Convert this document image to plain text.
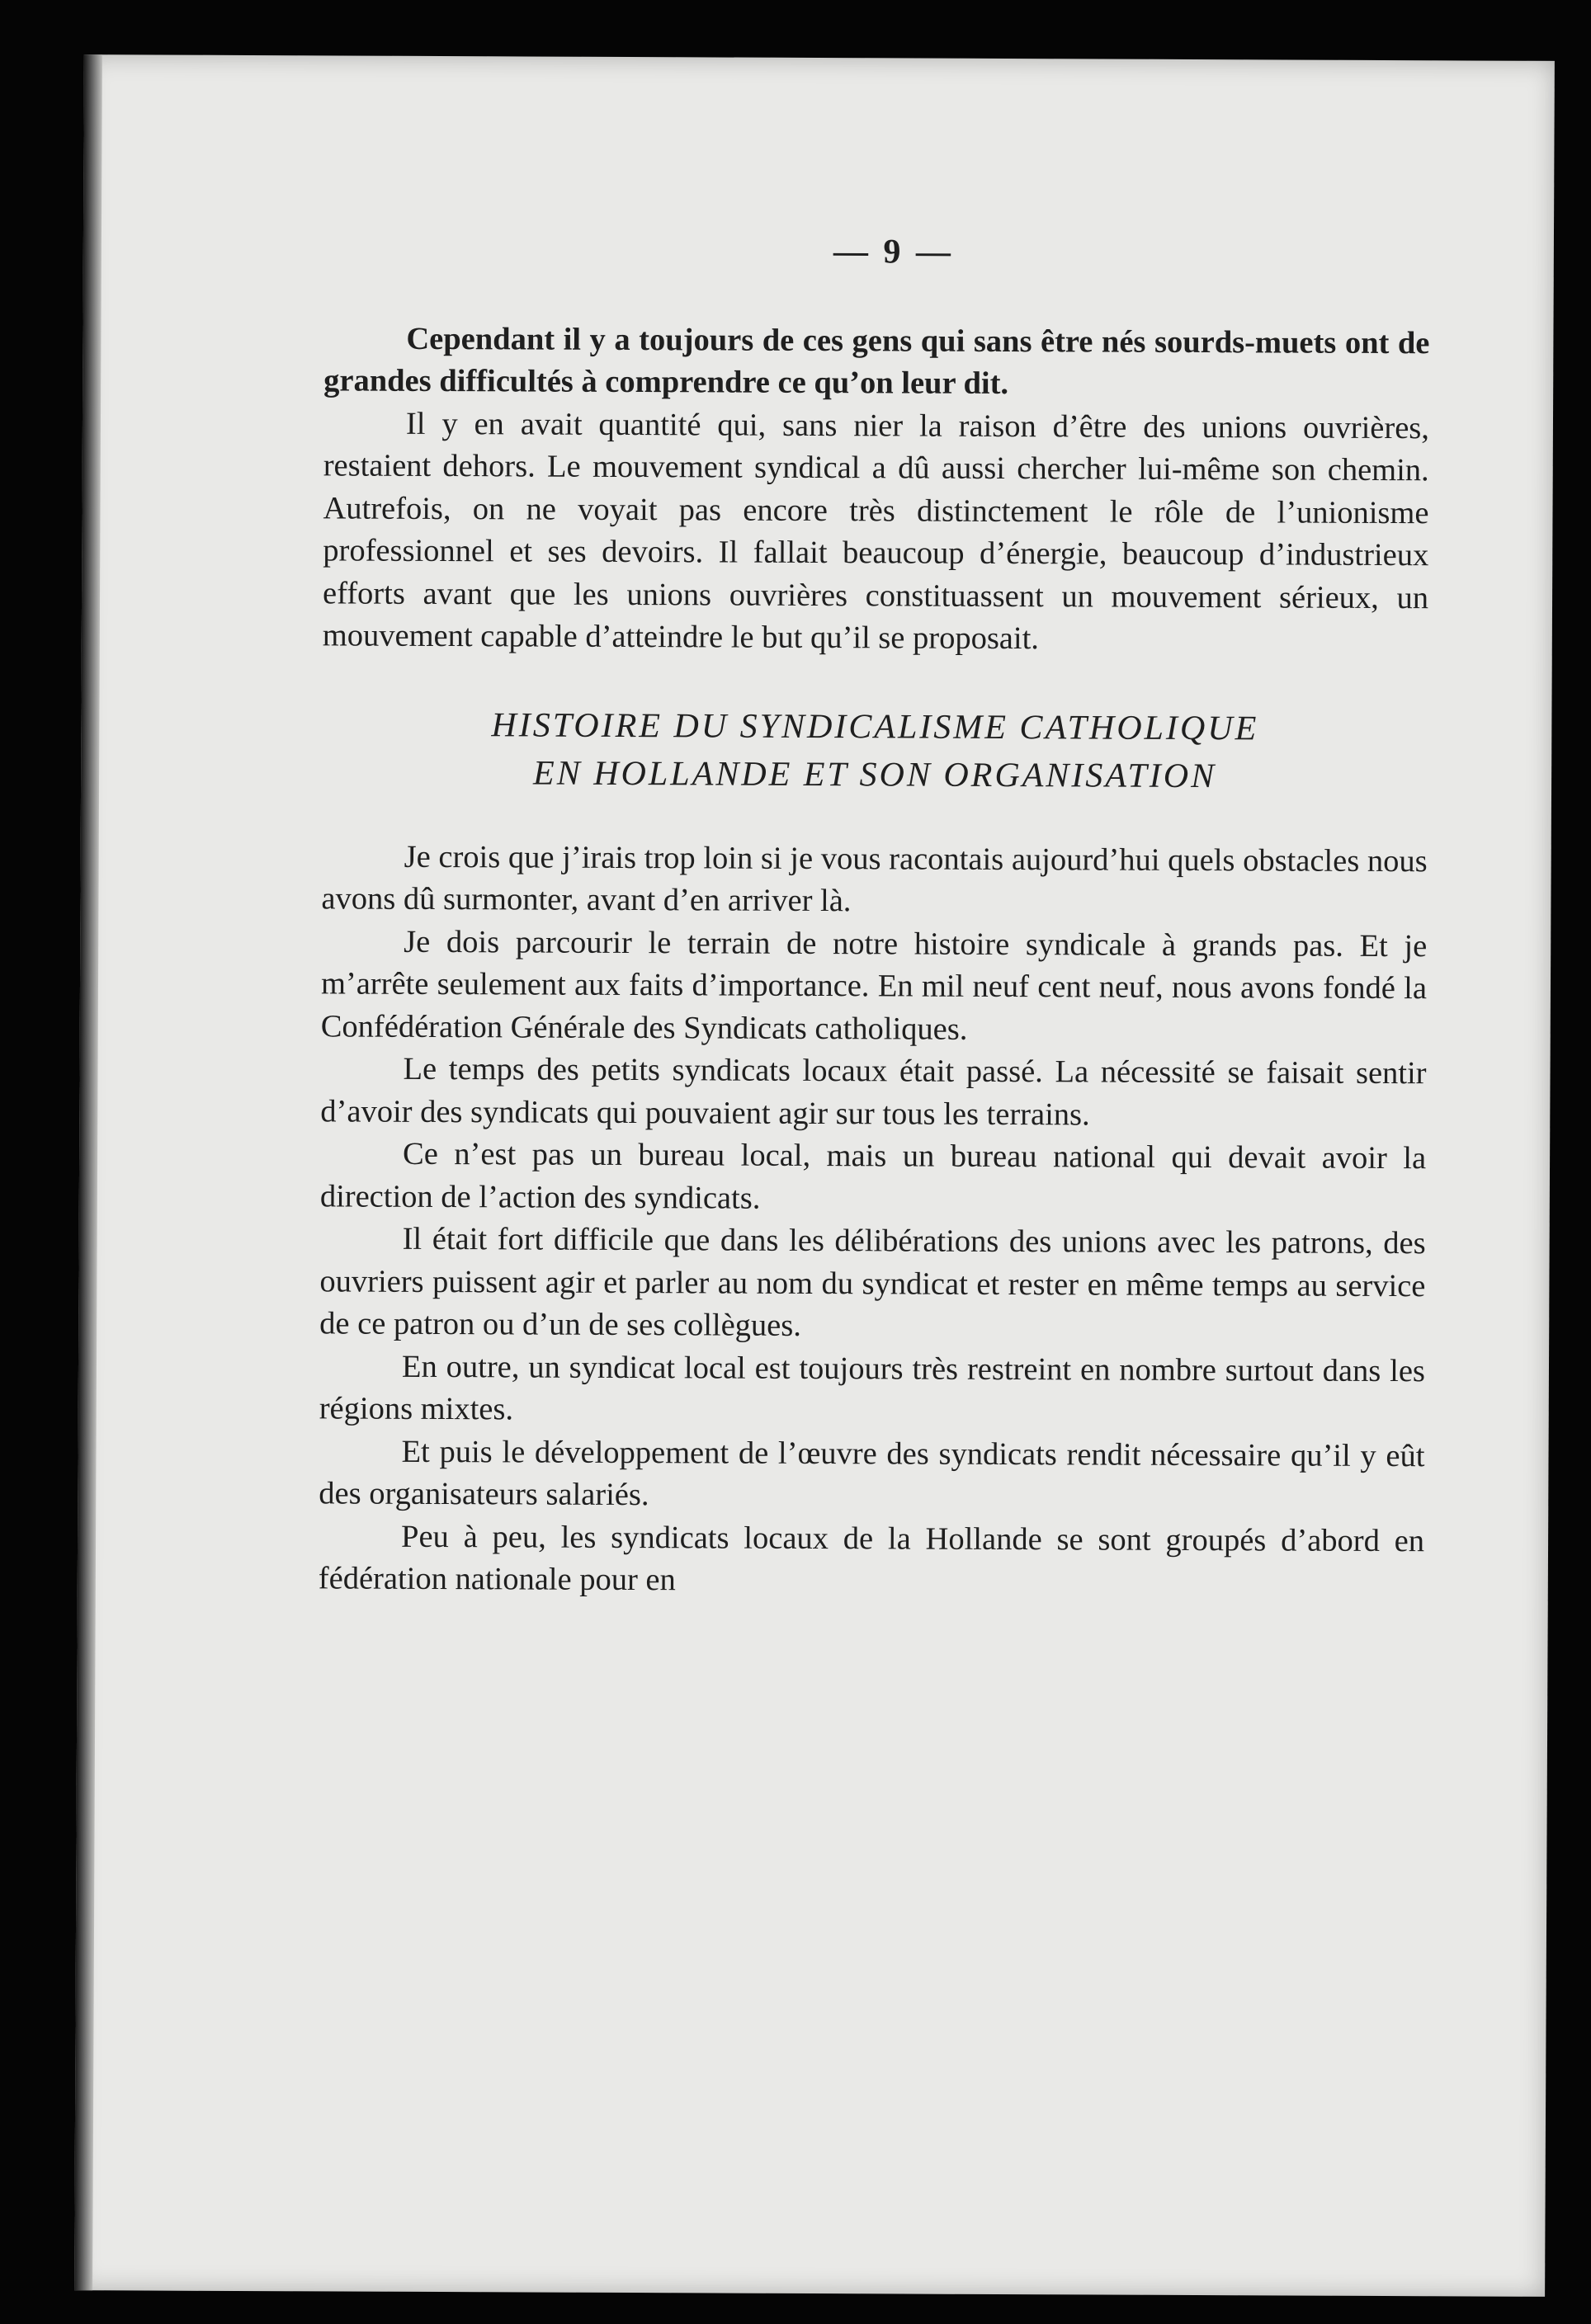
— 9 —

Cependant il y a toujours de ces gens qui sans être nés sourds-muets ont de grandes difficultés à comprendre ce qu’on leur dit.

Il y en avait quantité qui, sans nier la raison d’être des unions ouvrières, restaient dehors. Le mouvement syndical a dû aussi chercher lui-même son chemin. Autrefois, on ne voyait pas encore très distinctement le rôle de l’unionisme professionnel et ses devoirs. Il fallait beaucoup d’énergie, beaucoup d’industrieux efforts avant que les unions ouvrières constituassent un mouvement sérieux, un mouvement capable d’atteindre le but qu’il se proposait.

HISTOIRE DU SYNDICALISME CATHOLIQUE
EN HOLLANDE ET SON ORGANISATION

Je crois que j’irais trop loin si je vous racontais aujourd’hui quels obstacles nous avons dû surmonter, avant d’en arriver là.

Je dois parcourir le terrain de notre histoire syndicale à grands pas. Et je m’arrête seulement aux faits d’importance. En mil neuf cent neuf, nous avons fondé la Confédération Générale des Syndicats catholiques.

Le temps des petits syndicats locaux était passé. La nécessité se faisait sentir d’avoir des syndicats qui pouvaient agir sur tous les terrains.

Ce n’est pas un bureau local, mais un bureau national qui devait avoir la direction de l’action des syndicats.

Il était fort difficile que dans les délibérations des unions avec les patrons, des ouvriers puissent agir et parler au nom du syndicat et rester en même temps au service de ce patron ou d’un de ses collègues.

En outre, un syndicat local est toujours très restreint en nombre surtout dans les régions mixtes.

Et puis le développement de l’œuvre des syndicats rendit nécessaire qu’il y eût des organisateurs salariés.

Peu à peu, les syndicats locaux de la Hollande se sont groupés d’abord en fédération nationale pour en
